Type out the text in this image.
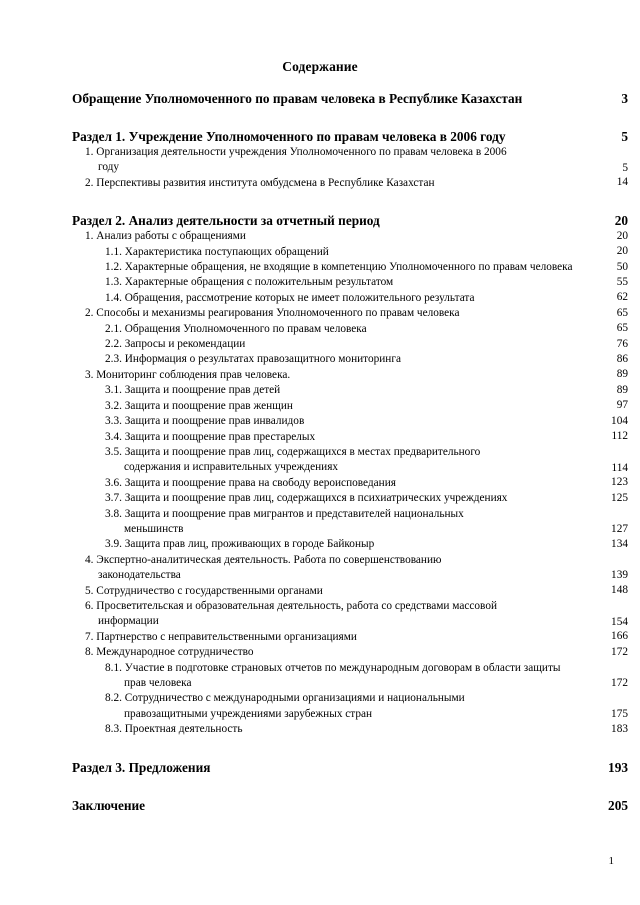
Содержание
Обращение Уполномоченного по правам человека в Республике Казахстан	3
Раздел 1. Учреждение Уполномоченного по правам человека в 2006 году	5
1. Организация деятельности учреждения Уполномоченного по правам человека в 2006 году	5
2. Перспективы развития института омбудсмена в Республике Казахстан	14
Раздел 2. Анализ деятельности за отчетный период	20
1. Анализ работы с обращениями	20
1.1. Характеристика поступающих обращений	20
1.2. Характерные обращения, не входящие в компетенцию Уполномоченного по правам человека	50
1.3. Характерные обращения с положительным результатом	55
1.4. Обращения, рассмотрение которых не имеет положительного результата	62
2. Способы и механизмы реагирования Уполномоченного по правам человека	65
2.1. Обращения Уполномоченного по правам человека	65
2.2. Запросы и рекомендации	76
2.3. Информация о результатах правозащитного мониторинга	86
3. Мониторинг соблюдения прав человека.	89
3.1. Защита и поощрение прав детей	89
3.2. Защита и поощрение прав женщин	97
3.3. Защита и поощрение прав инвалидов	104
3.4. Защита и поощрение прав престарелых	112
3.5. Защита и поощрение прав лиц, содержащихся в местах предварительного содержания и исправительных учреждениях	114
3.6. Защита и поощрение права на свободу вероисповедания	123
3.7. Защита и поощрение прав лиц, содержащихся в психиатрических учреждениях	125
3.8. Защита и поощрение прав мигрантов и представителей национальных меньшинств	127
3.9. Защита прав лиц, проживающих в городе Байконыр	134
4. Экспертно-аналитическая деятельность. Работа по совершенствованию законодательства	139
5. Сотрудничество с государственными органами	148
6. Просветительская и образовательная деятельность, работа со средствами массовой информации	154
7. Партнерство с неправительственными организациями	166
8. Международное сотрудничество	172
8.1. Участие в подготовке страновых отчетов по международным договорам в области защиты прав человека	172
8.2. Сотрудничество с международными организациями и национальными правозащитными учреждениями зарубежных стран	175
8.3. Проектная деятельность	183
Раздел 3. Предложения	193
Заключение	205
1
